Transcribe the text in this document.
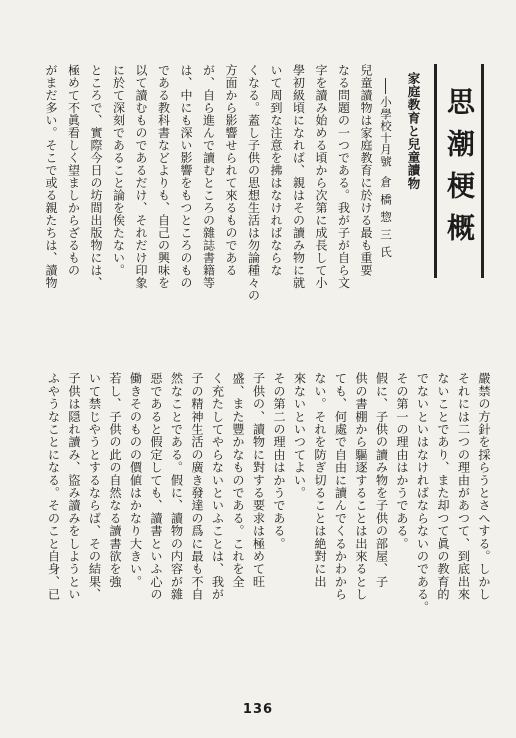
思潮梗概
家庭教育と兒童讀物
小學校十月號
倉橋惣三氏
兒童讀物は家庭教育に於ける最も重要
なる問題の一つである。我が子が自ら文
字を讀み始める頃から次第に成長して小
學初級頃になれば、親はその讀み物に就
いて周到な注意を拂はなければならな
くなる。蓋し子供の思想生活は勿論種々の
方面から影響せられて來るものである
が、自ら進んで讀むところの雜誌書籍等
は、中にも深い影響をもつところのもの
である教科書などよりも、自己の興味を
以て讀むものであるだけ、それだけ印象
に於て深刻であること論を俟たない。
ところで、實際今日の坊間出版物には、
極めて不眞看しく望ましからざるもの
がまだ多い。そこで或る親たちは、讀物
嚴禁の方針を採らうとさへする。しかし
それには二つの理由があつて、到底出來
ないことであり、また却つて眞の教育的
でないといはなければならないのである。
その第一の理由はかうである。
假に、子供の讀み物を子供の部屋、子
供の書棚から驅逐することは出來るとし
ても、何處で自由に讀んでくるかわから
ない。それを防ぎ切ることは絶對に出
來ないといつてよい。
その第二の理由はかうである。
子供の、讀物に對する要求は極めて旺
盛、また豐かなものである。これを全
く充たしてやらないといふことは、我が
子の精神生活の廣き發達の爲に最も不自
然なことである。假に、讀物の内容が雜
惡であると假定しても、讀書といふ心の
働きそのものの價値はかなり大きい。
若し、子供の此の自然なる讀書欲を強
いて禁じやうとするならば、その結果、
子供は隠れ讀み、盜み讀みをしようとい
ふやうなことになる。そのこと自身、已
136
